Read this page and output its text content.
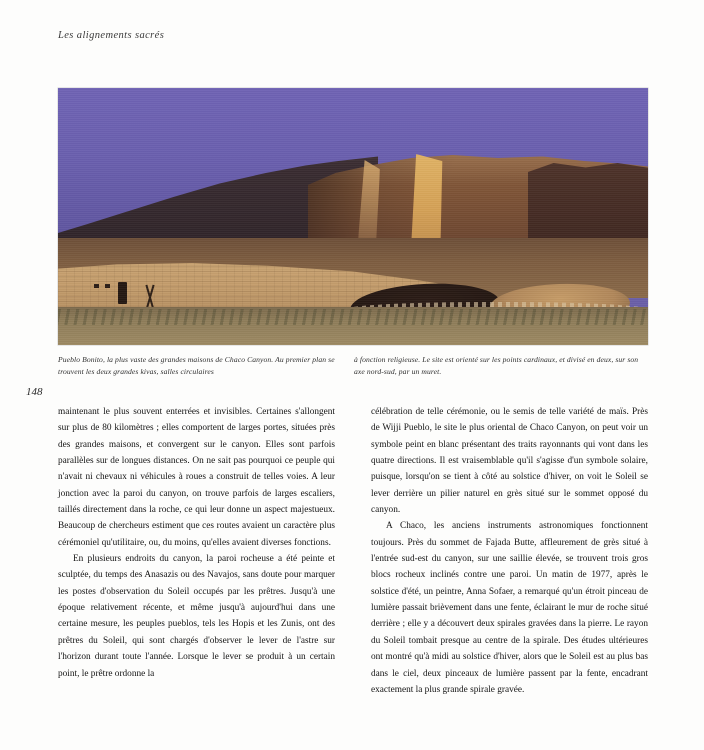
Les alignements sacrés

Pueblo Bonito, la plus vaste des grandes maisons de Chaco Canyon. Au premier plan se trouvent les deux grandes kivas, salles circulaires

à fonction religieuse. Le site est orienté sur les points cardinaux, et divisé en deux, sur son axe nord-sud, par un muret.

148

maintenant le plus souvent enterrées et invisibles. Certaines s'allongent sur plus de 80 kilomètres ; elles comportent de larges portes, situées près des grandes maisons, et convergent sur le canyon. Elles sont parfois parallèles sur de longues distances. On ne sait pas pourquoi ce peuple qui n'avait ni chevaux ni véhicules à roues a construit de telles voies. A leur jonction avec la paroi du canyon, on trouve parfois de larges escaliers, taillés directement dans la roche, ce qui leur donne un aspect majestueux. Beaucoup de chercheurs estiment que ces routes avaient un caractère plus cérémoniel qu'utilitaire, ou, du moins, qu'elles avaient diverses fonctions.

En plusieurs endroits du canyon, la paroi rocheuse a été peinte et sculptée, du temps des Anasazis ou des Navajos, sans doute pour marquer les postes d'observation du Soleil occupés par les prêtres. Jusqu'à une époque relativement récente, et même jusqu'à aujourd'hui dans une certaine mesure, les peuples pueblos, tels les Hopis et les Zunis, ont des prêtres du Soleil, qui sont chargés d'observer le lever de l'astre sur l'horizon durant toute l'année. Lorsque le lever se produit à un certain point, le prêtre ordonne la

célébration de telle cérémonie, ou le semis de telle variété de maïs. Près de Wijji Pueblo, le site le plus oriental de Chaco Canyon, on peut voir un symbole peint en blanc présentant des traits rayonnants qui vont dans les quatre directions. Il est vraisemblable qu'il s'agisse d'un symbole solaire, puisque, lorsqu'on se tient à côté au solstice d'hiver, on voit le Soleil se lever derrière un pilier naturel en grès situé sur le sommet opposé du canyon.

A Chaco, les anciens instruments astronomiques fonctionnent toujours. Près du sommet de Fajada Butte, affleurement de grès situé à l'entrée sud-est du canyon, sur une saillie élevée, se trouvent trois gros blocs rocheux inclinés contre une paroi. Un matin de 1977, après le solstice d'été, un peintre, Anna Sofaer, a remarqué qu'un étroit pinceau de lumière passait brièvement dans une fente, éclairant le mur de roche situé derrière ; elle y a découvert deux spirales gravées dans la pierre. Le rayon du Soleil tombait presque au centre de la spirale. Des études ultérieures ont montré qu'à midi au solstice d'hiver, alors que le Soleil est au plus bas dans le ciel, deux pinceaux de lumière passent par la fente, encadrant exactement la plus grande spirale gravée.
